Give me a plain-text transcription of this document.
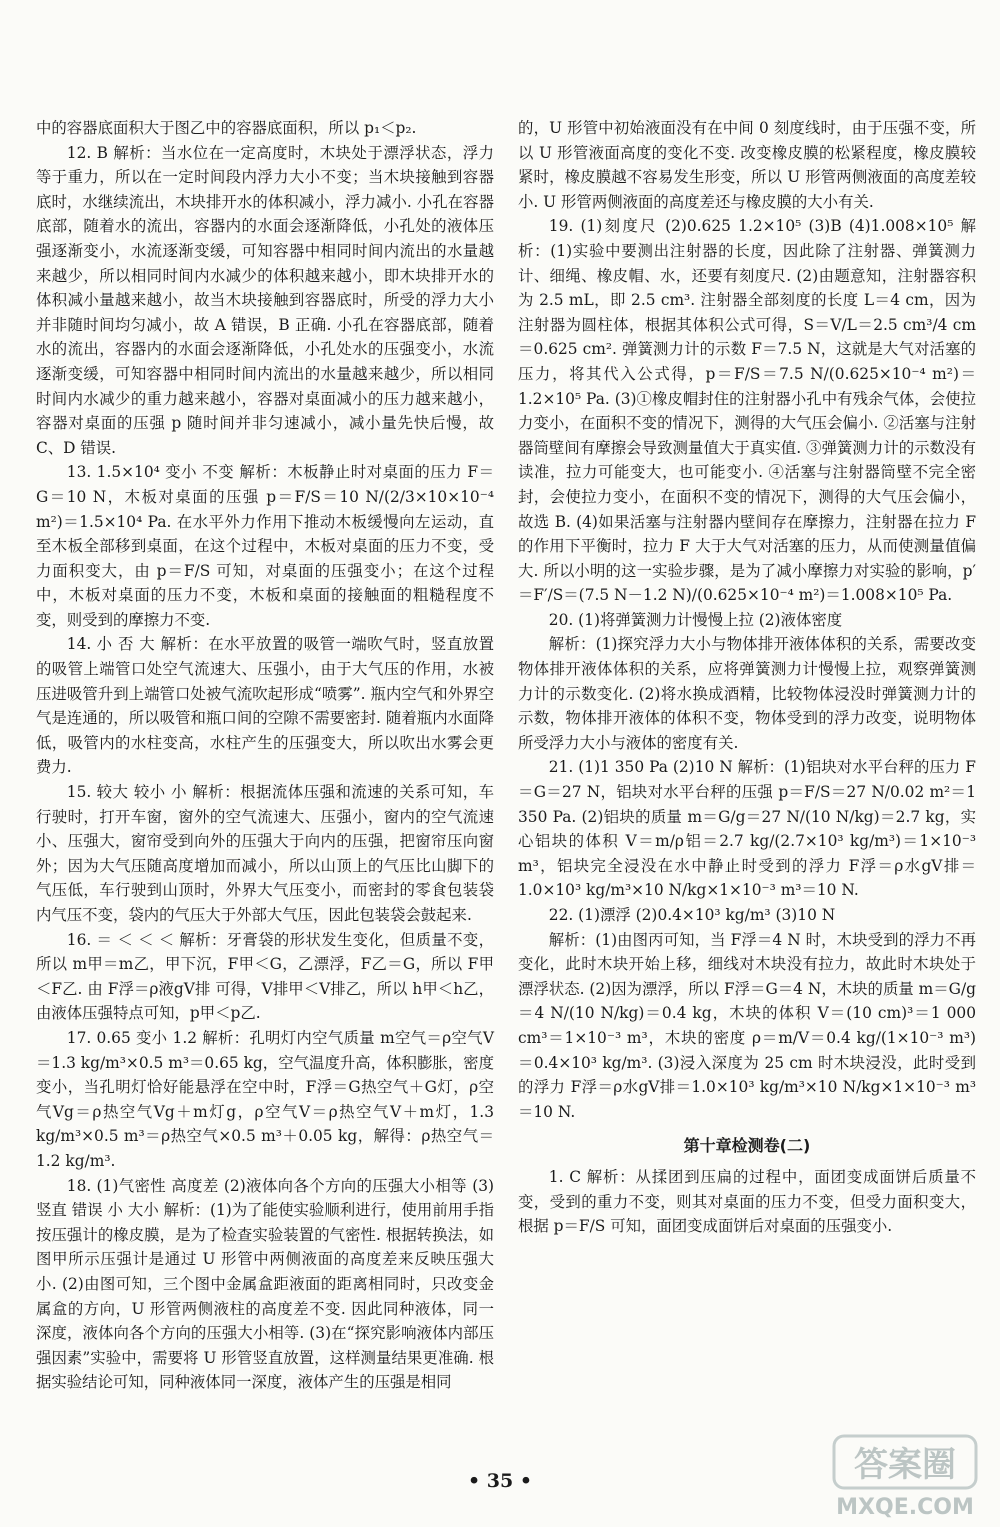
中的容器底面积大于图乙中的容器底面积，所以 p₁＜p₂.

12. B 解析：当水位在一定高度时，木块处于漂浮状态，浮力等于重力，所以在一定时间段内浮力大小不变；当木块接触到容器底时，水继续流出，木块排开水的体积减小，浮力减小. 小孔在容器底部，随着水的流出，容器内的水面会逐渐降低，小孔处的液体压强逐渐变小，水流逐渐变缓，可知容器中相同时间内流出的水量越来越少，所以相同时间内水减少的体积越来越小，即木块排开水的体积减小量越来越小，故当木块接触到容器底时，所受的浮力大小并非随时间均匀减小，故 A 错误，B 正确. 小孔在容器底部，随着水的流出，容器内的水面会逐渐降低，小孔处水的压强变小，水流逐渐变缓，可知容器中相同时间内流出的水量越来越少，所以相同时间内水减少的重力越来越小，容器对桌面减小的压力越来越小，容器对桌面的压强 p 随时间并非匀速减小，减小量先快后慢，故 C、D 错误.

13. 1.5×10⁴ 变小 不变 解析：木板静止时对桌面的压力 F＝G＝10 N，木板对桌面的压强 p＝F/S＝10 N/(2/3×10×10⁻⁴ m²)＝1.5×10⁴ Pa. 在水平外力作用下推动木板缓慢向左运动，直至木板全部移到桌面，在这个过程中，木板对桌面的压力不变，受力面积变大，由 p＝F/S 可知，对桌面的压强变小；在这个过程中，木板对桌面的压力不变，木板和桌面的接触面的粗糙程度不变，则受到的摩擦力不变.

14. 小 否 大 解析：在水平放置的吸管一端吹气时，竖直放置的吸管上端管口处空气流速大、压强小，由于大气压的作用，水被压进吸管升到上端管口处被气流吹起形成“喷雾”. 瓶内空气和外界空气是连通的，所以吸管和瓶口间的空隙不需要密封. 随着瓶内水面降低，吸管内的水柱变高，水柱产生的压强变大，所以吹出水雾会更费力.

15. 较大 较小 小 解析：根据流体压强和流速的关系可知，车行驶时，打开车窗，窗外的空气流速大、压强小，窗内的空气流速小、压强大，窗帘受到向外的压强大于向内的压强，把窗帘压向窗外；因为大气压随高度增加而减小，所以山顶上的气压比山脚下的气压低，车行驶到山顶时，外界大气压变小，而密封的零食包装袋内气压不变，袋内的气压大于外部大气压，因此包装袋会鼓起来.

16. ＝ ＜ ＜ ＜ 解析：牙膏袋的形状发生变化，但质量不变，所以 m甲＝m乙，甲下沉，F甲＜G，乙漂浮，F乙＝G，所以 F甲＜F乙. 由 F浮＝ρ液gV排 可得，V排甲＜V排乙，所以 h甲＜h乙，由液体压强特点可知，p甲＜p乙.

17. 0.65 变小 1.2 解析：孔明灯内空气质量 m空气＝ρ空气V＝1.3 kg/m³×0.5 m³＝0.65 kg，空气温度升高，体积膨胀，密度变小，当孔明灯恰好能悬浮在空中时，F浮＝G热空气＋G灯，ρ空气Vg＝ρ热空气Vg＋m灯g，ρ空气V＝ρ热空气V＋m灯，1.3 kg/m³×0.5 m³＝ρ热空气×0.5 m³＋0.05 kg，解得：ρ热空气＝1.2 kg/m³.

18. (1)气密性 高度差 (2)液体向各个方向的压强大小相等 (3)竖直 错误 小 大小 解析：(1)为了能使实验顺利进行，使用前用手指按压强计的橡皮膜，是为了检查实验装置的气密性. 根据转换法，如图甲所示压强计是通过 U 形管中两侧液面的高度差来反映压强大小. (2)由图可知，三个图中金属盒距液面的距离相同时，只改变金属盒的方向，U 形管两侧液柱的高度差不变. 因此同种液体，同一深度，液体向各个方向的压强大小相等. (3)在“探究影响液体内部压强因素”实验中，需要将 U 形管竖直放置，这样测量结果更准确. 根据实验结论可知，同种液体同一深度，液体产生的压强是相同

的，U 形管中初始液面没有在中间 0 刻度线时，由于压强不变，所以 U 形管液面高度的变化不变. 改变橡皮膜的松紧程度，橡皮膜较紧时，橡皮膜越不容易发生形变，所以 U 形管两侧液面的高度差较小. U 形管两侧液面的高度差还与橡皮膜的大小有关.

19. (1)刻度尺 (2)0.625 1.2×10⁵ (3)B (4)1.008×10⁵ 解析：(1)实验中要测出注射器的长度，因此除了注射器、弹簧测力计、细绳、橡皮帽、水，还要有刻度尺. (2)由题意知，注射器容积为 2.5 mL，即 2.5 cm³. 注射器全部刻度的长度 L＝4 cm，因为注射器为圆柱体，根据其体积公式可得，S＝V/L＝2.5 cm³/4 cm＝0.625 cm². 弹簧测力计的示数 F＝7.5 N，这就是大气对活塞的压力，将其代入公式得，p＝F/S＝7.5 N/(0.625×10⁻⁴ m²)＝1.2×10⁵ Pa. (3)①橡皮帽封住的注射器小孔中有残余气体，会使拉力变小，在面积不变的情况下，测得的大气压会偏小. ②活塞与注射器筒壁间有摩擦会导致测量值大于真实值. ③弹簧测力计的示数没有读准，拉力可能变大，也可能变小. ④活塞与注射器筒壁不完全密封，会使拉力变小，在面积不变的情况下，测得的大气压会偏小，故选 B. (4)如果活塞与注射器内壁间存在摩擦力，注射器在拉力 F 的作用下平衡时，拉力 F 大于大气对活塞的压力，从而使测量值偏大. 所以小明的这一实验步骤，是为了减小摩擦力对实验的影响，p′＝F′/S＝(7.5 N－1.2 N)/(0.625×10⁻⁴ m²)＝1.008×10⁵ Pa.

20. (1)将弹簧测力计慢慢上拉 (2)液体密度

解析：(1)探究浮力大小与物体排开液体体积的关系，需要改变物体排开液体体积的关系，应将弹簧测力计慢慢上拉，观察弹簧测力计的示数变化. (2)将水换成酒精，比较物体浸没时弹簧测力计的示数，物体排开液体的体积不变，物体受到的浮力改变，说明物体所受浮力大小与液体的密度有关.

21. (1)1 350 Pa (2)10 N 解析：(1)铝块对水平台秤的压力 F＝G＝27 N，铝块对水平台秤的压强 p＝F/S＝27 N/0.02 m²＝1 350 Pa. (2)铝块的质量 m＝G/g＝27 N/(10 N/kg)＝2.7 kg，实心铝块的体积 V＝m/ρ铝＝2.7 kg/(2.7×10³ kg/m³)＝1×10⁻³ m³，铝块完全浸没在水中静止时受到的浮力 F浮＝ρ水gV排＝1.0×10³ kg/m³×10 N/kg×1×10⁻³ m³＝10 N.

22. (1)漂浮 (2)0.4×10³ kg/m³ (3)10 N

解析：(1)由图丙可知，当 F浮＝4 N 时，木块受到的浮力不再变化，此时木块开始上移，细线对木块没有拉力，故此时木块处于漂浮状态. (2)因为漂浮，所以 F浮＝G＝4 N，木块的质量 m＝G/g＝4 N/(10 N/kg)＝0.4 kg，木块的体积 V＝(10 cm)³＝1 000 cm³＝1×10⁻³ m³，木块的密度 ρ＝m/V＝0.4 kg/(1×10⁻³ m³)＝0.4×10³ kg/m³. (3)浸入深度为 25 cm 时木块浸没，此时受到的浮力 F浮＝ρ水gV排＝1.0×10³ kg/m³×10 N/kg×1×10⁻³ m³＝10 N.

第十章检测卷(二)

1. C 解析：从揉团到压扁的过程中，面团变成面饼后质量不变，受到的重力不变，则其对桌面的压力不变，但受力面积变大，根据 p＝F/S 可知，面团变成面饼后对桌面的压强变小.

• 35 •	答案圈
MXQE.COM
